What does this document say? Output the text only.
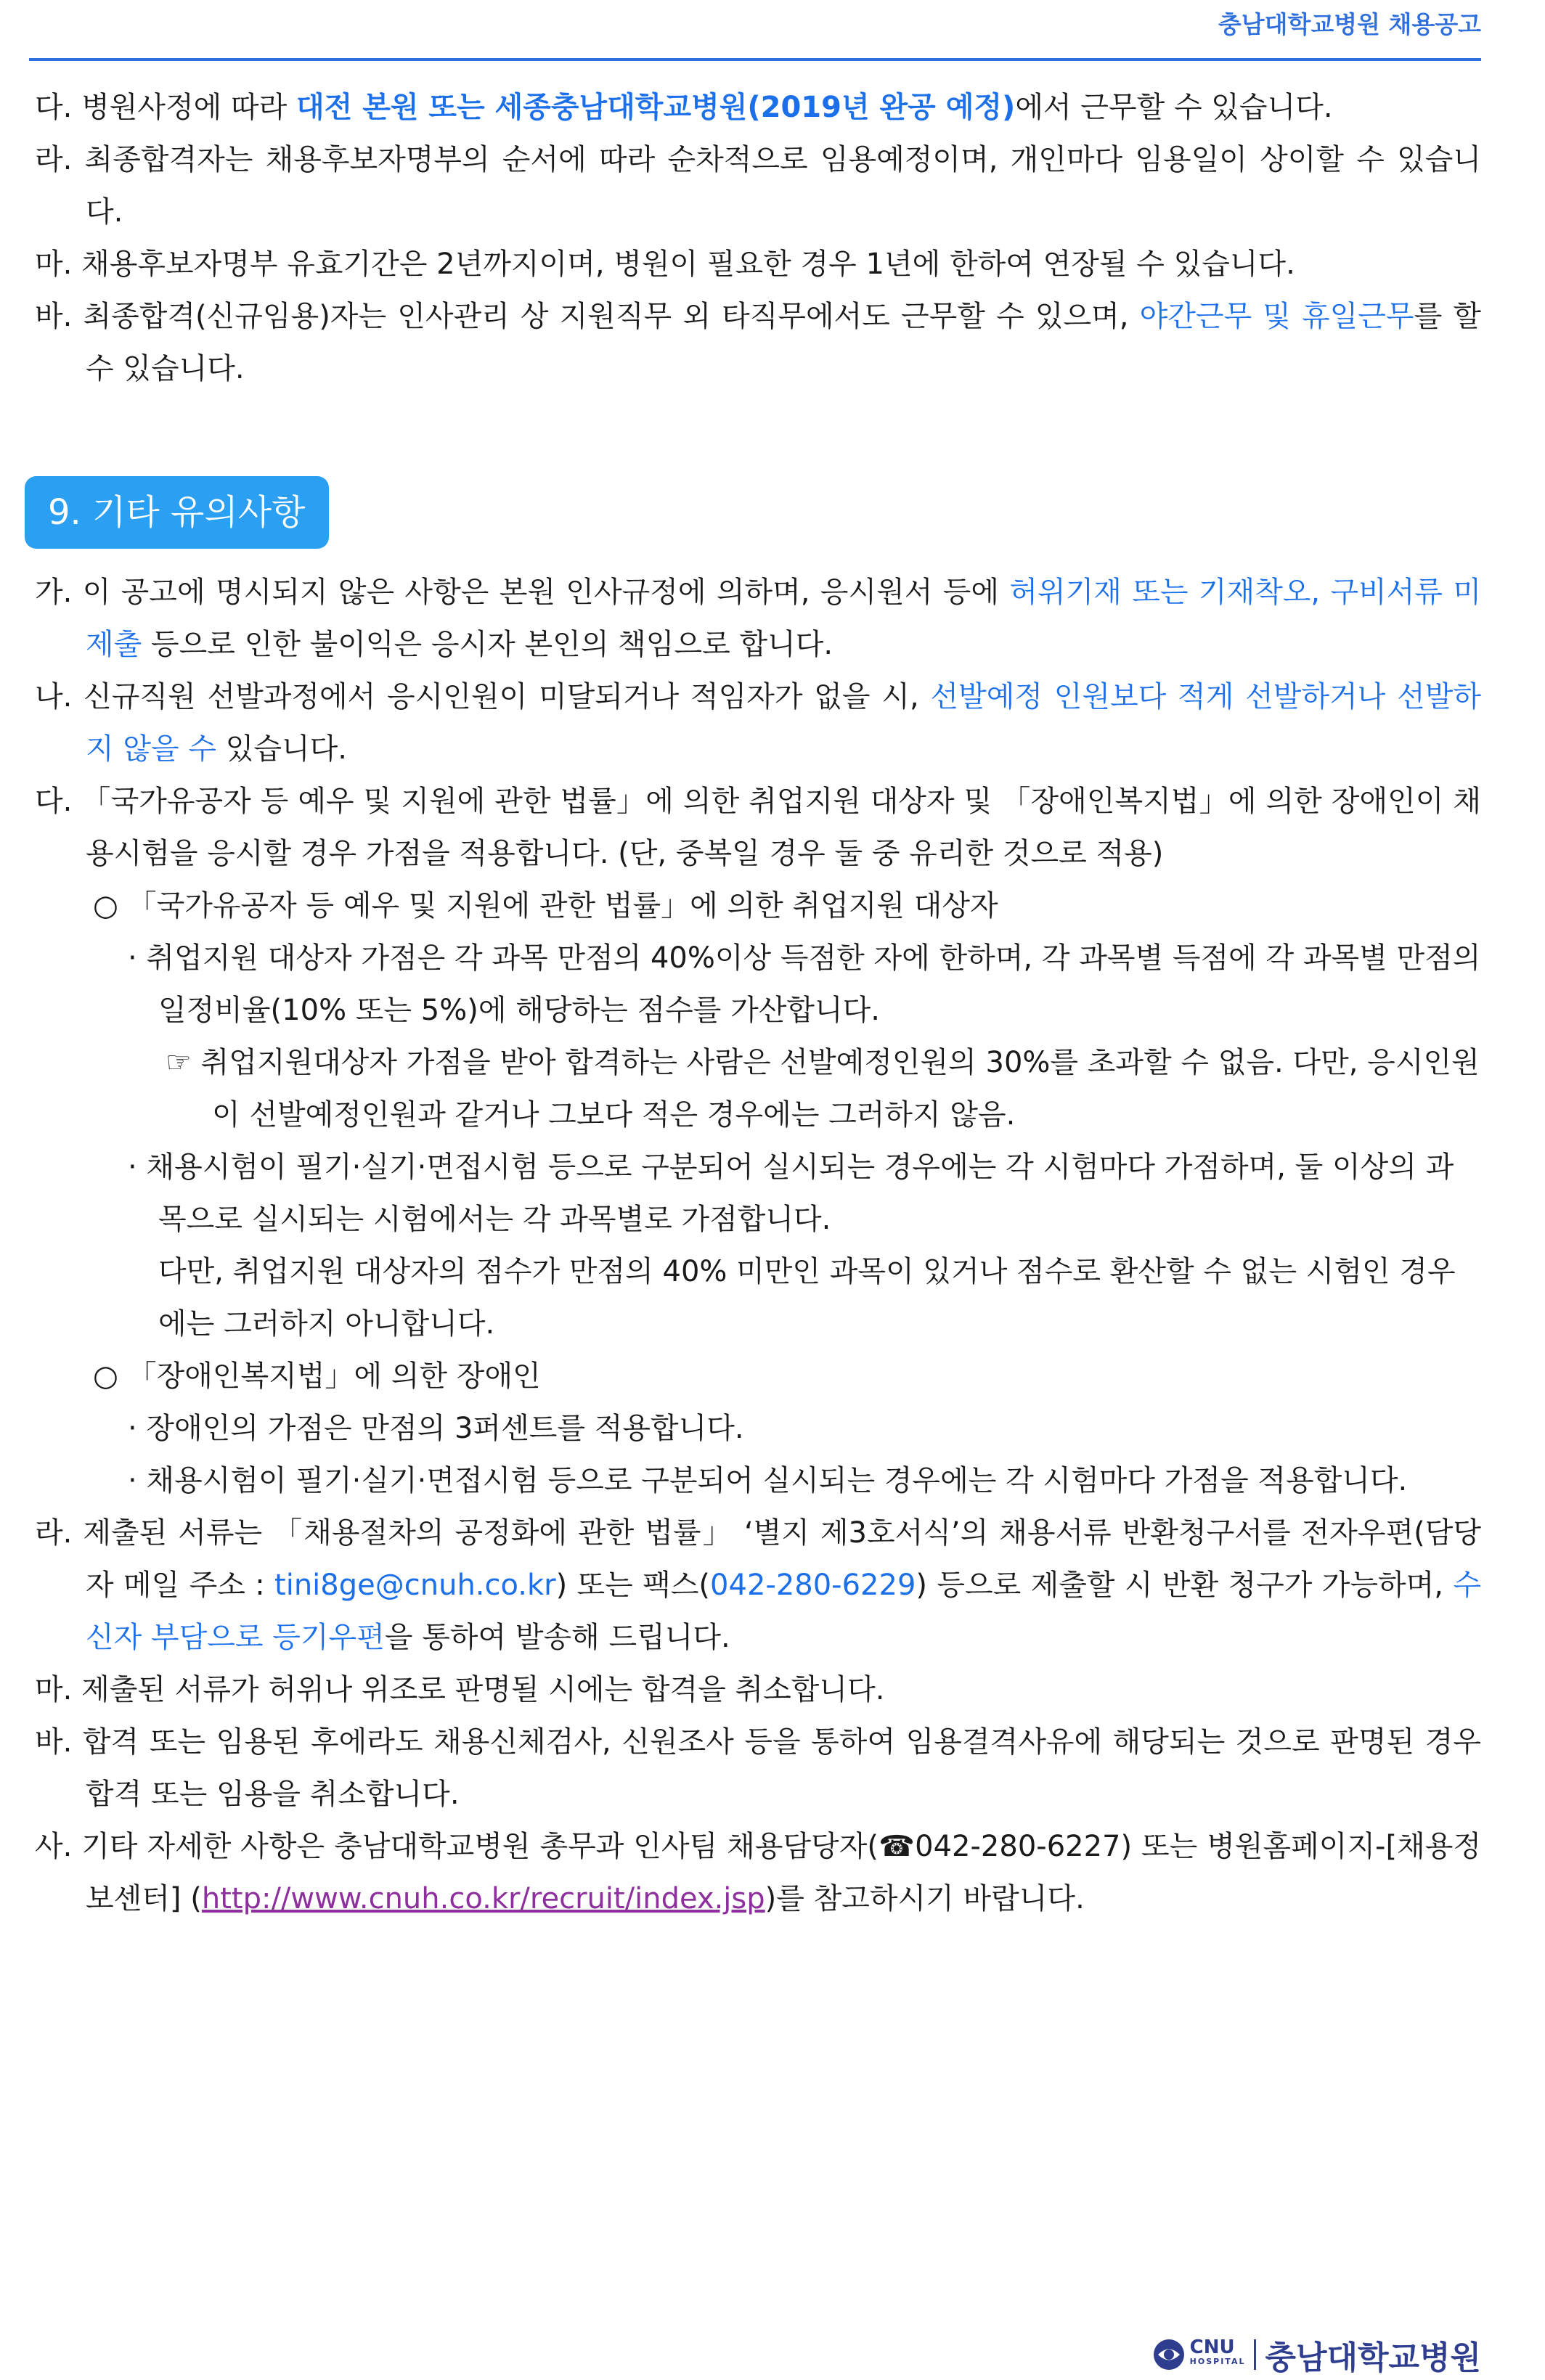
충남대학교병원 채용공고
다. 병원사정에 따라 대전 본원 또는 세종충남대학교병원(2019년 완공 예정)에서 근무할 수 있습니다.
라. 최종합격자는 채용후보자명부의 순서에 따라 순차적으로 임용예정이며, 개인마다 임용일이 상이할 수 있습니다.
마. 채용후보자명부 유효기간은 2년까지이며, 병원이 필요한 경우 1년에 한하여 연장될 수 있습니다.
바. 최종합격(신규임용)자는 인사관리 상 지원직무 외 타직무에서도 근무할 수 있으며, 야간근무 및 휴일근무를 할 수 있습니다.
9. 기타 유의사항
가. 이 공고에 명시되지 않은 사항은 본원 인사규정에 의하며, 응시원서 등에 허위기재 또는 기재착오, 구비서류 미제출 등으로 인한 불이익은 응시자 본인의 책임으로 합니다.
나. 신규직원 선발과정에서 응시인원이 미달되거나 적임자가 없을 시, 선발예정 인원보다 적게 선발하거나 선발하지 않을 수 있습니다.
다. 「국가유공자 등 예우 및 지원에 관한 법률」에 의한 취업지원 대상자 및 「장애인복지법」에 의한 장애인이 채용시험을 응시할 경우 가점을 적용합니다. (단, 중복일 경우 둘 중 유리한 것으로 적용)
○ 「국가유공자 등 예우 및 지원에 관한 법률」에 의한 취업지원 대상자
· 취업지원 대상자 가점은 각 과목 만점의 40%이상 득점한 자에 한하며, 각 과목별 득점에 각 과목별 만점의 일정비율(10% 또는 5%)에 해당하는 점수를 가산합니다.
☞ 취업지원대상자 가점을 받아 합격하는 사람은 선발예정인원의 30%를 초과할 수 없음. 다만, 응시인원이 선발예정인원과 같거나 그보다 적은 경우에는 그러하지 않음.
· 채용시험이 필기·실기·면접시험 등으로 구분되어 실시되는 경우에는 각 시험마다 가점하며, 둘 이상의 과목으로 실시되는 시험에서는 각 과목별로 가점합니다.
다만, 취업지원 대상자의 점수가 만점의 40% 미만인 과목이 있거나 점수로 환산할 수 없는 시험인 경우에는 그러하지 아니합니다.
○ 「장애인복지법」에 의한 장애인
· 장애인의 가점은 만점의 3퍼센트를 적용합니다.
· 채용시험이 필기·실기·면접시험 등으로 구분되어 실시되는 경우에는 각 시험마다 가점을 적용합니다.
라. 제출된 서류는 「채용절차의 공정화에 관한 법률」 ‘별지 제3호서식’의 채용서류 반환청구서를 전자우편(담당자 메일 주소 : tini8ge@cnuh.co.kr) 또는 팩스(042-280-6229) 등으로 제출할 시 반환 청구가 가능하며, 수신자 부담으로 등기우편을 통하여 발송해 드립니다.
마. 제출된 서류가 허위나 위조로 판명될 시에는 합격을 취소합니다.
바. 합격 또는 임용된 후에라도 채용신체검사, 신원조사 등을 통하여 임용결격사유에 해당되는 것으로 판명된 경우 합격 또는 임용을 취소합니다.
사. 기타 자세한 사항은 충남대학교병원 총무과 인사팀 채용담당자(☎042-280-6227) 또는 병원홈페이지-[채용정보센터] (http://www.cnuh.co.kr/recruit/index.jsp)를 참고하시기 바랍니다.
CNU
HOSPITAL 충남대학교병원
